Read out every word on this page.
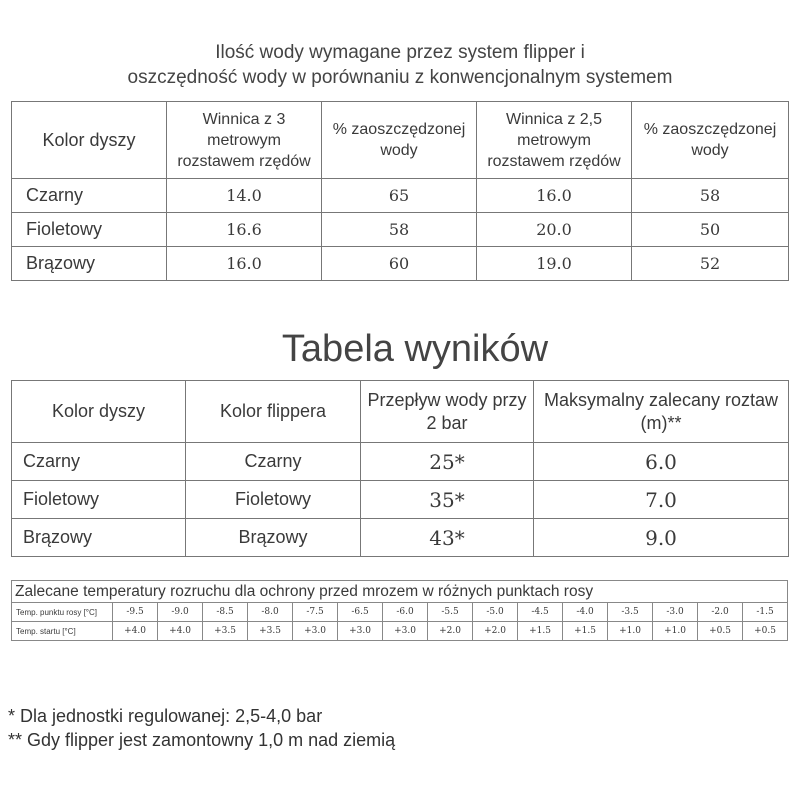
Ilość wody wymagane przez system flipper i
oszczędność wody w porównaniu z konwencjonalnym systemem
Kolor dyszy	Winnica z 3 metrowym rozstawem rzędów	% zaoszczędzonej wody	Winnica z 2,5 metrowym rozstawem rzędów	% zaoszczędzonej wody
Czarny	14.0	65	16.0	58
Fioletowy	16.6	58	20.0	50
Brązowy	16.0	60	19.0	52
Tabela wyników
Kolor dyszy	Kolor flippera	Przepływ wody przy 2 bar	Maksymalny zalecany roztaw (m)**
Czarny	Czarny	25*	6.0
Fioletowy	Fioletowy	35*	7.0
Brązowy	Brązowy	43*	9.0
Zalecane temperatury rozruchu dla ochrony przed mrozem w różnych punktach rosy															
Temp. punktu rosy [°C]	-9.5	-9.0	-8.5	-8.0	-7.5	-6.5	-6.0	-5.5	-5.0	-4.5	-4.0	-3.5	-3.0	-2.0	-1.5
Temp. startu [°C]	+4.0	+4.0	+3.5	+3.5	+3.0	+3.0	+3.0	+2.0	+2.0	+1.5	+1.5	+1.0	+1.0	+0.5	+0.5
* Dla jednostki regulowanej: 2,5-4,0 bar
** Gdy flipper jest zamontowny 1,0 m nad ziemią
